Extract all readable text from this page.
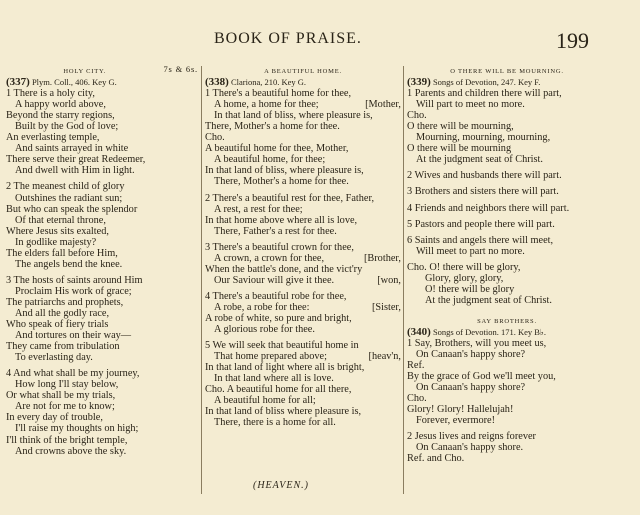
BOOK OF PRAISE.	199
HOLY CITY.	7s & 6s.
(337) Plym. Coll., 406. Key G.
1 There is a holy city,
A happy world above,
Beyond the starry regions,
Built by the God of love;
An everlasting temple,
And saints arrayed in white
There serve their great Redeemer,
And dwell with Him in light.
2 The meanest child of glory
Outshines the radiant sun;
But who can speak the splendor
Of that eternal throne,
Where Jesus sits exalted,
In godlike majesty?
The elders fall before Him,
The angels bend the knee.
3 The hosts of saints around Him
Proclaim His work of grace;
The patriarchs and prophets,
And all the godly race,
Who speak of fiery trials
And tortures on their way—
They came from tribulation
To everlasting day.
4 And what shall be my journey,
How long I'll stay below,
Or what shall be my trials,
Are not for me to know;
In every day of trouble,
I'll raise my thoughts on high;
I'll think of the bright temple,
And crowns above the sky.
A BEAUTIFUL HOME.
(338) Clariona, 210. Key G.
1 There's a beautiful home for thee,
A home, a home for thee;	[Mother,
In that land of bliss, where pleasure is,
There, Mother's a home for thee.
Cho.
A beautiful home for thee, Mother,
A beautiful home, for thee;
In that land of bliss, where pleasure is,
There, Mother's a home for thee.
2 There's a beautiful rest for thee, Father,
A rest, a rest for thee;
In that home above where all is love,
There, Father's a rest for thee.
3 There's a beautiful crown for thee,
A crown, a crown for thee,	[Brother,
When the battle's done, and the vict'ry
Our Saviour will give it thee.	[won,
4 There's a beautiful robe for thee,
A robe, a robe for thee:	[Sister,
A robe of white, so pure and bright,
A glorious robe for thee.
5 We will seek that beautiful home in
That home prepared above;	[heav'n,
In that land of light where all is bright,
In that land where all is love.
Cho. A beautiful home for all there,
A beautiful home for all;
In that land of bliss where pleasure is,
There, there is a home for all.
(HEAVEN.)
O THERE WILL BE MOURNING.
(339) Songs of Devotion, 247. Key F.
1 Parents and children there will part,
Will part to meet no more.
Cho.
O there will be mourning,
Mourning, mourning, mourning,
O there will be mourning
At the judgment seat of Christ.
2 Wives and husbands there will part.
3 Brothers and sisters there will part.
4 Friends and neighbors there will part.
5 Pastors and people there will part.
6 Saints and angels there will meet,
Will meet to part no more.
Cho. O! there will be glory,
Glory, glory, glory,
O! there will be glory
At the judgment seat of Christ.
SAY BROTHERS.
(340) Songs of Devotion. 171. Key B♭.
1 Say, Brothers, will you meet us,
On Canaan's happy shore?
Ref.
By the grace of God we'll meet you,
On Canaan's happy shore?
Cho.
Glory! Glory! Hallelujah!
Forever, evermore!
2 Jesus lives and reigns forever
On Canaan's happy shore.
Ref. and Cho.
